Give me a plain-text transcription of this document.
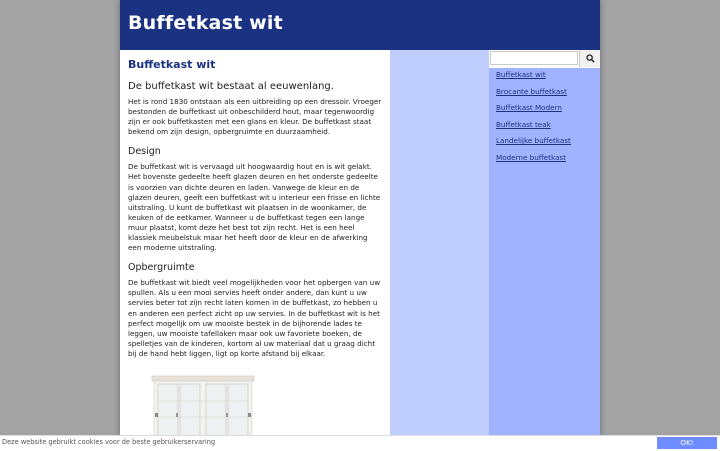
Buffetkast wit
Buffetkast wit
De buffetkast wit bestaat al eeuwenlang.

Het is rond 1830 ontstaan als een uitbreiding op een dressoir. Vroeger bestonden de buffetkast uit onbeschilderd hout, maar tegenwoordig zijn er ook buffetkasten met een glans en kleur. De buffetkast staat bekend om zijn design, opbergruimte en duurzaamheid.

Design

De buffetkast wit is vervaagd uit hoogwaardig hout en is wit gelakt. Het bovenste gedeelte heeft glazen deuren en het onderste gedeelte is voorzien van dichte deuren en laden. Vanwege de kleur en de glazen deuren, geeft een buffetkast wit u interieur een frisse en lichte uitstraling. U kunt de buffetkast wit plaatsen in de woonkamer, de keuken of de eetkamer. Wanneer u de buffetkast tegen een lange muur plaatst, komt deze het best tot zijn recht. Het is een heel klassiek meubelstuk maar het heeft door de kleur en de afwerking een moderne uitstraling.

Opbergruimte

De buffetkast wit biedt veel mogelijkheden voor het opbergen van uw spullen. Als u een mooi servies heeft onder andere, dan kunt u uw servies beter tot zijn recht laten komen in de buffetkast, zo hebben u en anderen een perfect zicht op uw servies. In de buffetkast wit is het perfect mogelijk om uw mooiste bestek in de bijhorende lades te leggen, uw mooiste tafellaken maar ook uw favoriete boeken, de spelletjes van de kinderen, kortom al uw materiaal dat u graag dicht bij de hand hebt liggen, ligt op korte afstand bij elkaar.

Buffetkast wit
Brocante buffetkast
Buffetkast Modern
Buffetkast teak
Landelijke buffetkast
Moderne buffetkast
Deze website gebruikt cookies voor de beste gebruikerservaring	OK!
